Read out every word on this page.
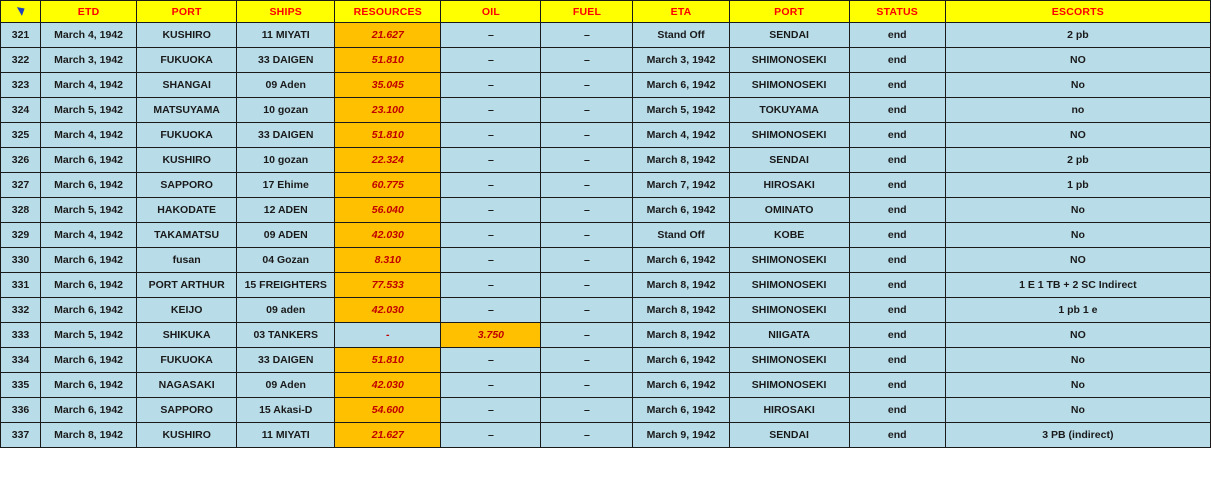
	ETD	PORT	SHIPS	RESOURCES	OIL	FUEL	ETA	PORT	STATUS	ESCORTS
321	March 4, 1942	KUSHIRO	11 MIYATI	21.627	–	–	Stand Off	SENDAI	end	2 pb
322	March 3, 1942	FUKUOKA	33 DAIGEN	51.810	–	–	March 3, 1942	SHIMONOSEKI	end	NO
323	March 4, 1942	SHANGAI	09 Aden	35.045	–	–	March 6, 1942	SHIMONOSEKI	end	No
324	March 5, 1942	MATSUYAMA	10 gozan	23.100	–	–	March 5, 1942	TOKUYAMA	end	no
325	March 4, 1942	FUKUOKA	33 DAIGEN	51.810	–	–	March 4, 1942	SHIMONOSEKI	end	NO
326	March 6, 1942	KUSHIRO	10 gozan	22.324	–	–	March 8, 1942	SENDAI	end	2 pb
327	March 6, 1942	SAPPORO	17 Ehime	60.775	–	–	March 7, 1942	HIROSAKI	end	1 pb
328	March 5, 1942	HAKODATE	12 ADEN	56.040	–	–	March 6, 1942	OMINATO	end	No
329	March 4, 1942	TAKAMATSU	09 ADEN	42.030	–	–	Stand Off	KOBE	end	No
330	March 6, 1942	fusan	04 Gozan	8.310	–	–	March 6, 1942	SHIMONOSEKI	end	NO
331	March 6, 1942	PORT ARTHUR	15 FREIGHTERS	77.533	–	–	March 8, 1942	SHIMONOSEKI	end	1 E 1 TB + 2 SC Indirect
332	March 6, 1942	KEIJO	09 aden	42.030	–	–	March 8, 1942	SHIMONOSEKI	end	1 pb 1 e
333	March 5, 1942	SHIKUKA	03 TANKERS	-	3.750	–	March 8, 1942	NIIGATA	end	NO
334	March 6, 1942	FUKUOKA	33 DAIGEN	51.810	–	–	March 6, 1942	SHIMONOSEKI	end	No
335	March 6, 1942	NAGASAKI	09 Aden	42.030	–	–	March 6, 1942	SHIMONOSEKI	end	No
336	March 6, 1942	SAPPORO	15 Akasi-D	54.600	–	–	March 6, 1942	HIROSAKI	end	No
337	March 8, 1942	KUSHIRO	11 MIYATI	21.627	–	–	March 9, 1942	SENDAI	end	3 PB (indirect)
